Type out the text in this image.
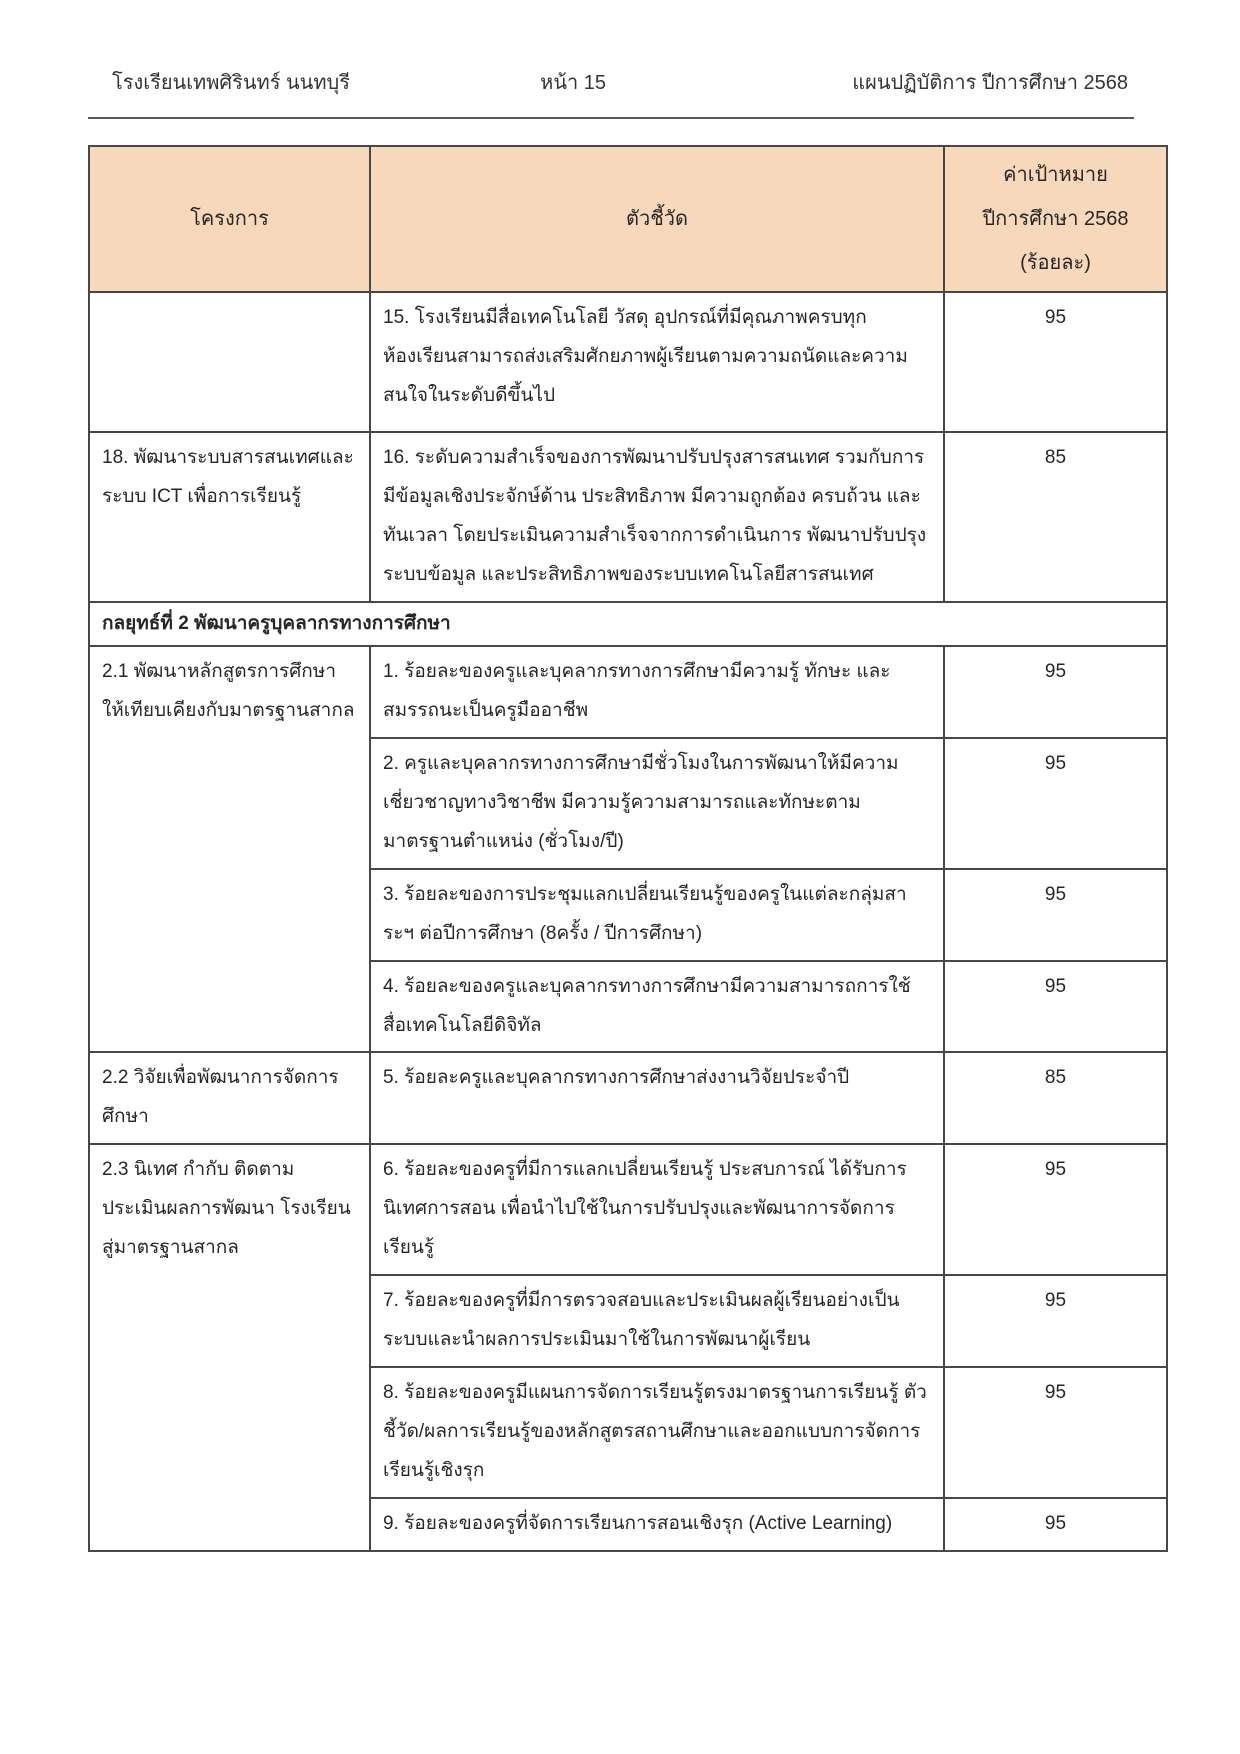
โรงเรียนเทพศิรินทร์ นนทบุรี	หน้า 15	แผนปฏิบัติการ ปีการศึกษา 2568
โครงการ	ตัวชี้วัด	ค่าเป้าหมาย
ปีการศึกษา 2568
(ร้อยละ)

	15. โรงเรียนมีสื่อเทคโนโลยี วัสดุ อุปกรณ์ที่มีคุณภาพครบทุกห้องเรียนสามารถส่งเสริมศักยภาพผู้เรียนตามความถนัดและความสนใจในระดับดีขึ้นไป	95
18. พัฒนาระบบสารสนเทศและระบบ ICT เพื่อการเรียนรู้	16. ระดับความสำเร็จของการพัฒนาปรับปรุงสารสนเทศ รวมกับการมีข้อมูลเชิงประจักษ์ด้าน ประสิทธิภาพ มีความถูกต้อง ครบถ้วน และทันเวลา โดยประเมินความสำเร็จจากการดำเนินการ พัฒนาปรับปรุงระบบข้อมูล และประสิทธิภาพของระบบเทคโนโลยีสารสนเทศ	85
กลยุทธ์ที่ 2 พัฒนาครูบุคลากรทางการศึกษา		
2.1 พัฒนาหลักสูตรการศึกษาให้เทียบเคียงกับมาตรฐานสากล	1. ร้อยละของครูและบุคลากรทางการศึกษามีความรู้ ทักษะ และสมรรถนะเป็นครูมืออาชีพ	95
	2. ครูและบุคลากรทางการศึกษามีชั่วโมงในการพัฒนาให้มีความเชี่ยวชาญทางวิชาชีพ มีความรู้ความสามารถและทักษะตามมาตรฐานตำแหน่ง (ชั่วโมง/ปี)	95
	3. ร้อยละของการประชุมแลกเปลี่ยนเรียนรู้ของครูในแต่ละกลุ่มสาระฯ ต่อปีการศึกษา (8ครั้ง / ปีการศึกษา)	95
	4. ร้อยละของครูและบุคลากรทางการศึกษามีความสามารถการใช้สื่อเทคโนโลยีดิจิทัล	95
2.2 วิจัยเพื่อพัฒนาการจัดการศึกษา	5. ร้อยละครูและบุคลากรทางการศึกษาส่งงานวิจัยประจำปี	85
2.3 นิเทศ กำกับ ติดตาม ประเมินผลการพัฒนา โรงเรียนสู่มาตรฐานสากล	6. ร้อยละของครูที่มีการแลกเปลี่ยนเรียนรู้ ประสบการณ์ ได้รับการนิเทศการสอน เพื่อนำไปใช้ในการปรับปรุงและพัฒนาการจัดการเรียนรู้	95
	7. ร้อยละของครูที่มีการตรวจสอบและประเมินผลผู้เรียนอย่างเป็นระบบและนำผลการประเมินมาใช้ในการพัฒนาผู้เรียน	95
	8. ร้อยละของครูมีแผนการจัดการเรียนรู้ตรงมาตรฐานการเรียนรู้ ตัวชี้วัด/ผลการเรียนรู้ของหลักสูตรสถานศึกษาและออกแบบการจัดการเรียนรู้เชิงรุก	95
	9. ร้อยละของครูที่จัดการเรียนการสอนเชิงรุก (Active Learning)	95
